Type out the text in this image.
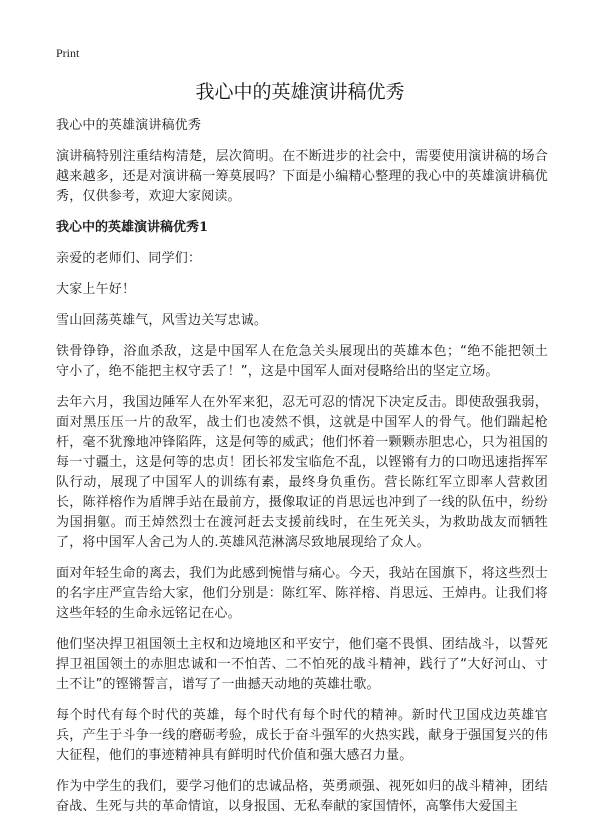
Print
我心中的英雄演讲稿优秀

我心中的英雄演讲稿优秀

演讲稿特别注重结构清楚，层次简明。在不断进步的社会中，需要使用演讲稿的场合越来越多，还是对演讲稿一筹莫展吗？下面是小编精心整理的我心中的英雄演讲稿优秀，仅供参考，欢迎大家阅读。

我心中的英雄演讲稿优秀1

亲爱的老师们、同学们：

大家上午好！

雪山回荡英雄气，风雪边关写忠诚。

铁骨铮铮，浴血杀敌，这是中国军人在危急关头展现出的英雄本色；“绝不能把领土守小了，绝不能把主权守丢了！”，这是中国军人面对侵略给出的坚定立场。

去年六月，我国边陲军人在外军来犯，忍无可忍的情况下决定反击。即使敌强我弱，面对黑压压一片的敌军，战士们也凌然不惧，这就是中国军人的骨气。他们踹起枪杆，毫不犹豫地冲锋陷阵，这是何等的威武；他们怀着一颗颗赤胆忠心，只为祖国的每一寸疆土，这是何等的忠贞！团长祁发宝临危不乱，以铿锵有力的口吻迅速指挥军队行动，展现了中国军人的训练有素，最终身负重伤。营长陈红军立即率人营救团长，陈祥榕作为盾牌手站在最前方，摄像取证的肖思远也冲到了一线的队伍中，纷纷为国捐躯。而王焯然烈士在渡河赶去支援前线时，在生死关头，为救助战友而牺牲了，将中国军人舍己为人的.英雄风范淋漓尽致地展现给了众人。

面对年轻生命的离去，我们为此感到惋惜与痛心。今天，我站在国旗下，将这些烈士的名字庄严宣告给大家，他们分别是：陈红军、陈祥榕、肖思远、王焯冉。让我们将这些年轻的生命永远铭记在心。

他们坚决捍卫祖国领土主权和边境地区和平安宁，他们毫不畏惧、团结战斗，以誓死捍卫祖国领土的赤胆忠诚和一不怕苦、二不怕死的战斗精神，践行了“大好河山、寸土不让”的铿锵誓言，谱写了一曲撼天动地的英雄壮歌。

每个时代有每个时代的英雄，每个时代有每个时代的精神。新时代卫国戍边英雄官兵，产生于斗争一线的磨砺考验，成长于奋斗强军的火热实践，献身于强国复兴的伟大征程，他们的事迹精神具有鲜明时代价值和强大感召力量。

作为中学生的我们，要学习他们的忠诚品格，英勇顽强、视死如归的战斗精神，团结奋战、生死与共的革命情谊，以身报国、无私奉献的家国情怀，高擎伟大爱国主
